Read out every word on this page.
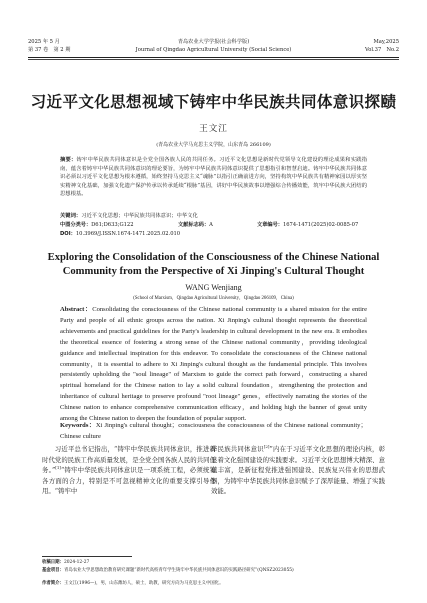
2025 年 5 月	青岛农业大学学报(社会科学版)	May,2025
第 37 卷　第 2 期	Journal of Qingdao Agricultural University (Social Science)	Vol.37　No.2
习近平文化思想视域下铸牢中华民族共同体意识探赜
王文江
(青岛农业大学马克思主义学院，山东青岛 266109)

摘要：铸牢中华民族共同体意识是全党全国各族人民的共同任务。习近平文化思想是新时代党领导文化建设的理论成果和实践指南，蕴含着铸牢中华民族共同体意识的理论要旨，为铸牢中华民族共同体意识提供了思想指引和智慧启迪。铸牢中华民族共同体意识必须以习近平文化思想为根本遵循，始终坚持马克思主义“魂脉”以指引正确前进方向，坚持构筑中华民族共有精神家园以厚实坚实精神文化基础，加强文化遗产保护传承以传承延续“根脉”基因，讲好中华民族故事以增强综合传播效能，筑牢中华民族大团结的思想根基。

关键词：习近平文化思想；中华民族共同体意识；中华文化

中图分类号：D61;D633;G122	文献标志码：A	文章编号：1674-1471(2025)02-0085-07
DOI：10.3969/J.ISSN.1674-1471.2025.02.010
Exploring the Consolidation of the Consciousness of the Chinese National Community from the Perspective of Xi Jinping's Cultural Thought
WANG Wenjiang
(School of Marxism，Qingdao Agricultural University，Qingdao 266109，China)

Abstract：Consolidating the consciousness of the Chinese national community is a shared mission for the entire Party and people of all ethnic groups across the nation. Xi Jinping's cultural thought represents the theoretical achievements and practical guidelines for the Party's leadership in cultural development in the new era. It embodies the theoretical essence of fostering a strong sense of the Chinese national community，providing ideological guidance and intellectual inspiration for this endeavor. To consolidate the consciousness of the Chinese national community，it is essential to adhere to Xi Jinping's cultural thought as the fundamental principle. This involves persistently upholding the "soul lineage" of Marxism to guide the correct path forward，constructing a shared spiritual homeland for the Chinese nation to lay a solid cultural foundation，strengthening the protection and inheritance of cultural heritage to preserve profound "root lineage" genes，effectively narrating the stories of the Chinese nation to enhance comprehensive communication efficacy，and holding high the banner of great unity among the Chinese nation to deepen the foundation of popular support.

Keywords：Xi Jinping's cultural thought；consciousness the consciousness of the Chinese national community；Chinese culture

习近平总书记指出，“铸牢中华民族共同体意识，推进新时代党的民族工作高质量发展，是全党全国各族人民的共同任务。”[1]“铸牢中华民族共同体意识是一项系统工程，必须统筹各方面的合力，特别是不可忽视精神文化的重要支撑引导作用。“铸牢中

华民族共同体意识[2]”内在于习近平文化思想的理论内核，彰显着文化强国建设的实践要求。习近平文化思想博大精深、意蕴丰富，是新征程党推进强国建设、民族复兴伟业的思想武器，为铸牢中华民族共同体意识赋予了深厚能量、增强了实践效能。

收稿日期：2024-12-27

基金项目：青岛农业大学思想政治教育研究课题“新时代高校青年学生铸牢中华民族共同体意识的实践路径研究”(QNSZ2023055)

作者简介：王文江(1996—)，男，山东潍坊人，硕士，助教，研究方向为马克思主义中国化。
